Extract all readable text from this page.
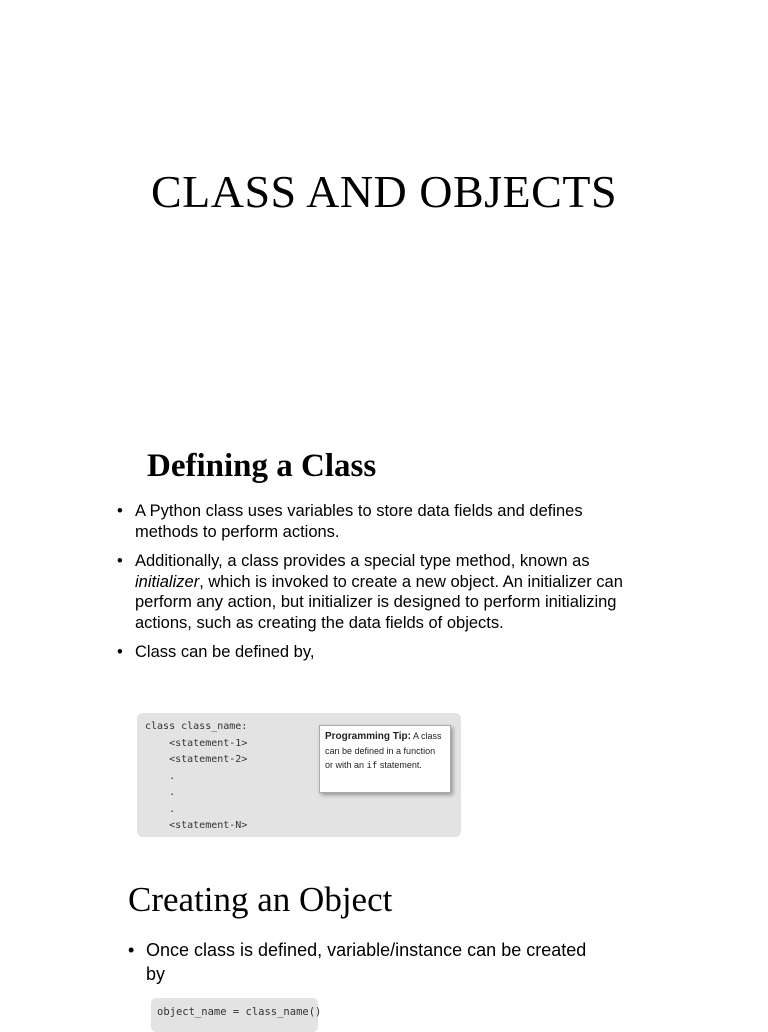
CLASS AND OBJECTS
Defining a Class
• A Python class uses variables to store data fields and defines methods to perform actions.
• Additionally, a class provides a special type method, known as initializer, which is invoked to create a new object. An initializer can perform any action, but initializer is designed to perform initializing actions, such as creating the data fields of objects.
• Class can be defined by,
class class_name:
<statement-1>
<statement-2>
.
.
.
<statement-N>
Programming Tip: A class can be defined in a function or with an if statement.
Creating an Object
• Once class is defined, variable/instance can be created by
object_name = class_name()
